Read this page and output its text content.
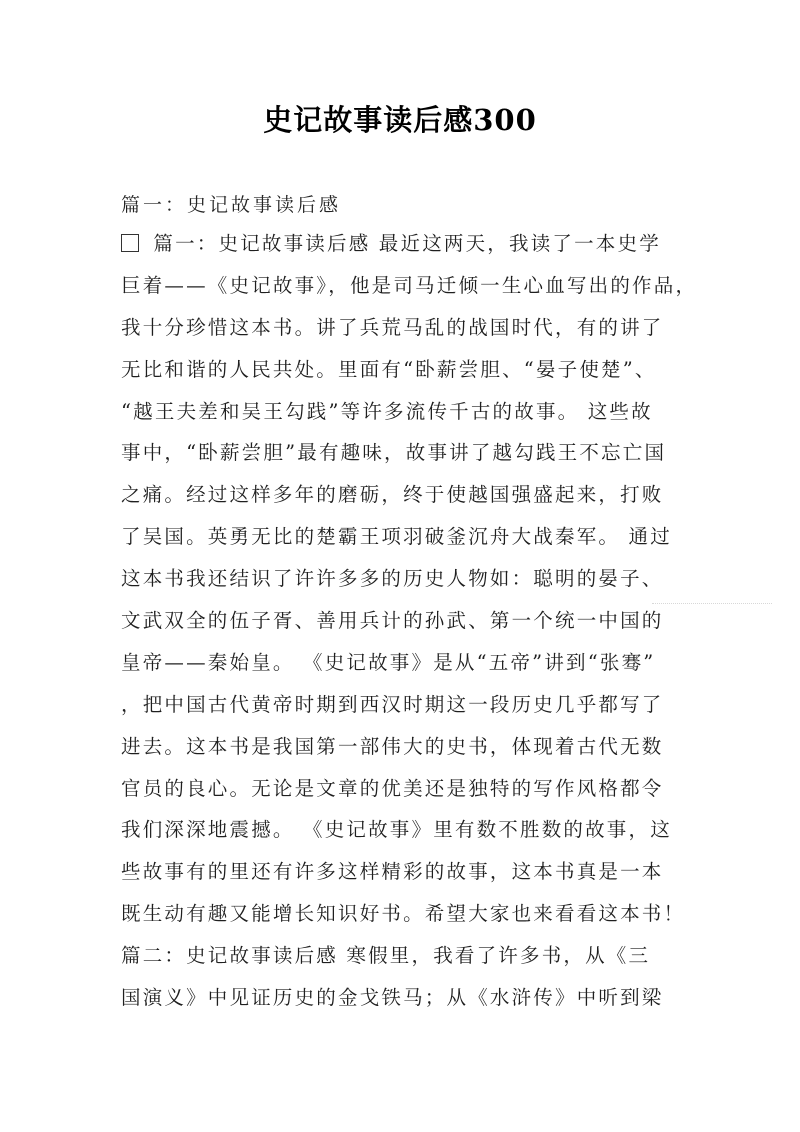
史记故事读后感300
篇一：史记故事读后感
篇一：史记故事读后感 最近这两天，我读了一本史学
巨着——《史记故事》，他是司马迁倾一生心血写出的作品，
我十分珍惜这本书。讲了兵荒马乱的战国时代，有的讲了
无比和谐的人民共处。里面有“卧薪尝胆、“晏子使楚”、
“越王夫差和吴王勾践”等许多流传千古的故事。 这些故
事中，“卧薪尝胆”最有趣味，故事讲了越勾践王不忘亡国
之痛。经过这样多年的磨砺，终于使越国强盛起来，打败
了吴国。英勇无比的楚霸王项羽破釜沉舟大战秦军。 通过
这本书我还结识了许许多多的历史人物如：聪明的晏子、
文武双全的伍子胥、善用兵计的孙武、第一个统一中国的
皇帝——秦始皇。 《史记故事》是从“五帝”讲到“张骞”
，把中国古代黄帝时期到西汉时期这一段历史几乎都写了
进去。这本书是我国第一部伟大的史书，体现着古代无数
官员的良心。无论是文章的优美还是独特的写作风格都令
我们深深地震撼。 《史记故事》里有数不胜数的故事，这
些故事有的里还有许多这样精彩的故事，这本书真是一本
既生动有趣又能增长知识好书。希望大家也来看看这本书！
篇二：史记故事读后感 寒假里，我看了许多书，从《三
国演义》中见证历史的金戈铁马；从《水浒传》中听到梁
